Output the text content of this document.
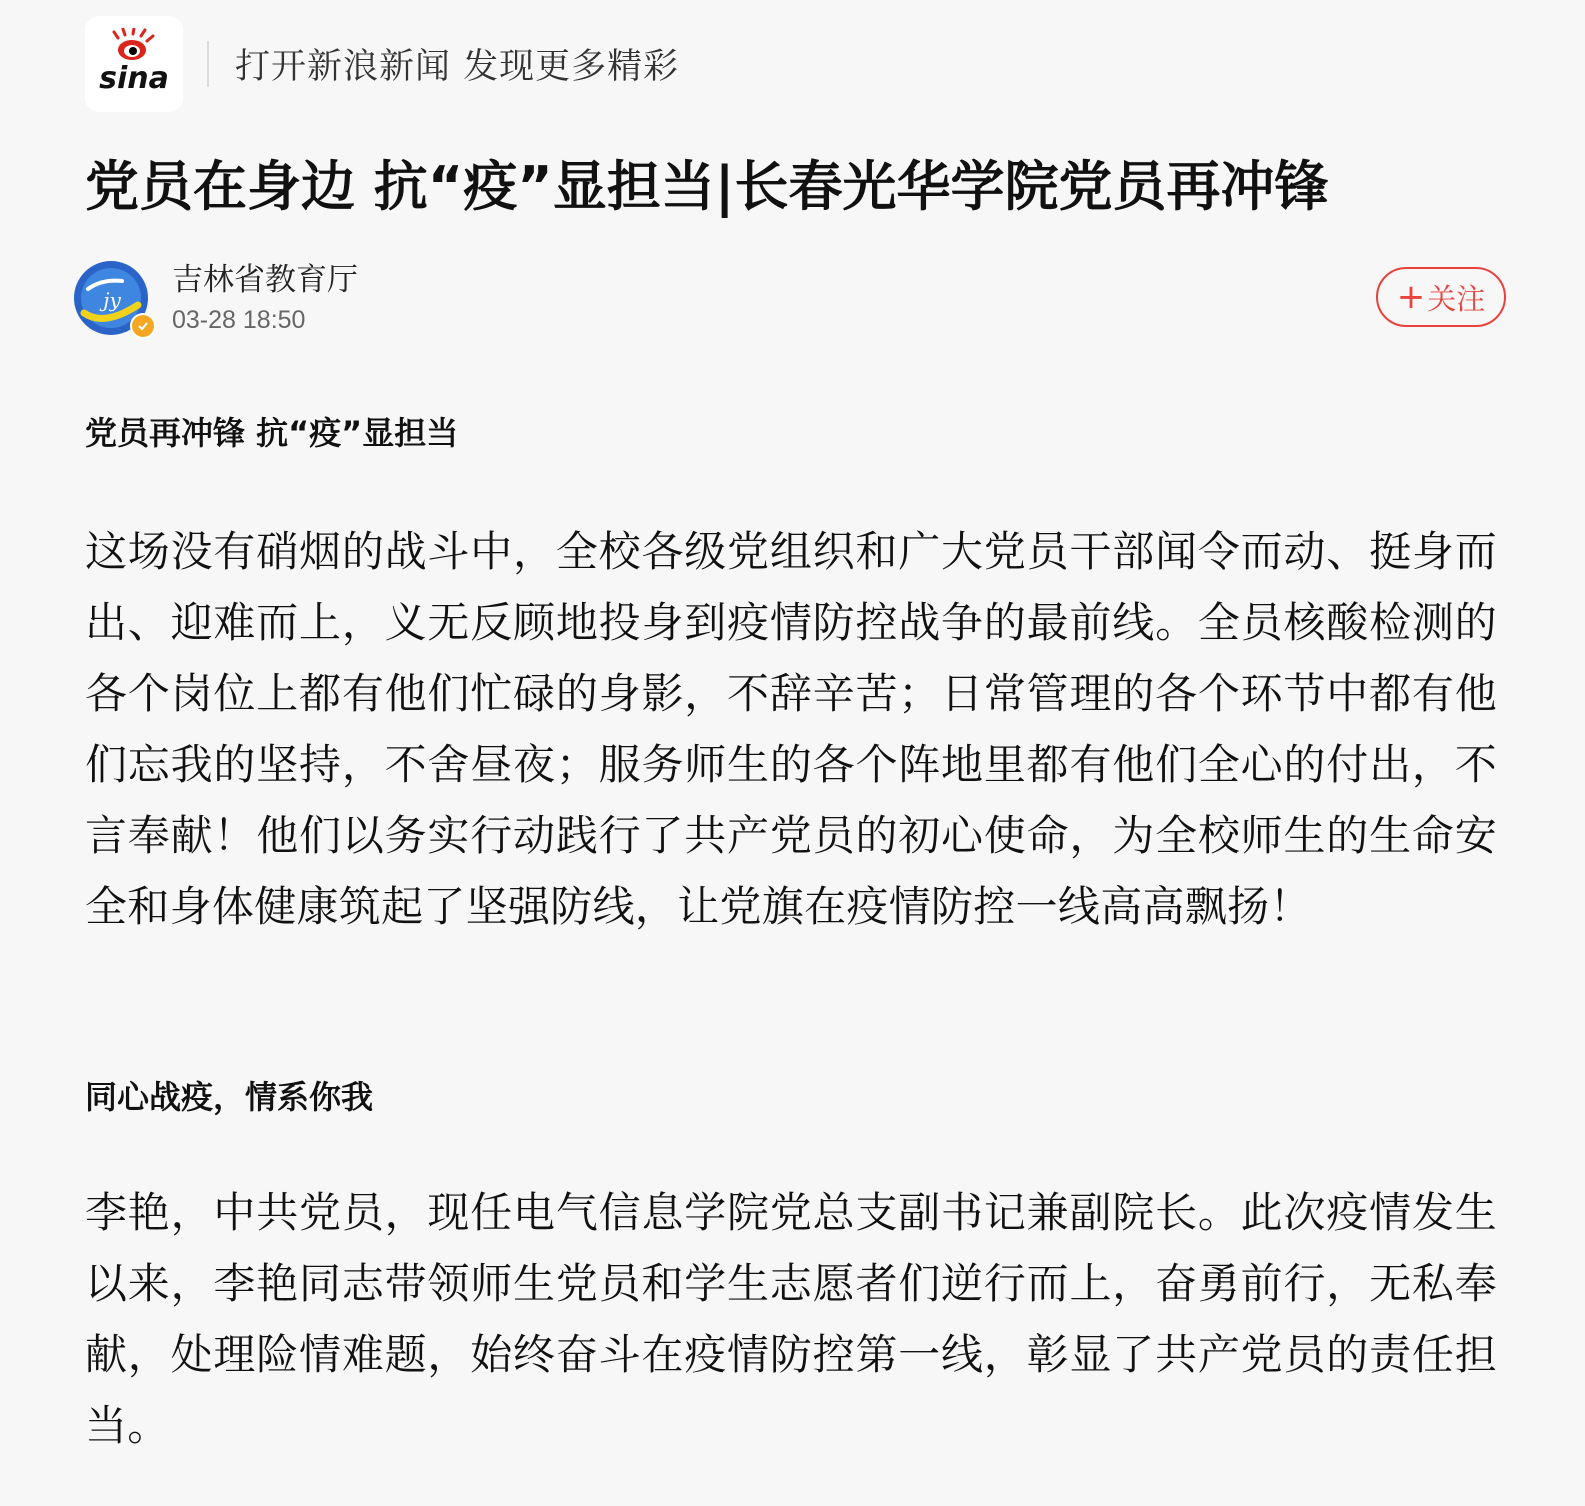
sina 打开新浪新闻 发现更多精彩
党员在身边 抗“疫”显担当|长春光华学院党员再冲锋
jy
吉林省教育厅
03-28 18:50
+ 关注

党员再冲锋 抗“疫”显担当

这场没有硝烟的战斗中，全校各级党组织和广大党员干部闻令而动、挺身而出、迎难而上，义无反顾地投身到疫情防控战争的最前线。全员核酸检测的各个岗位上都有他们忙碌的身影，不辞辛苦；日常管理的各个环节中都有他们忘我的坚持，不舍昼夜；服务师生的各个阵地里都有他们全心的付出，不言奉献！他们以务实行动践行了共产党员的初心使命，为全校师生的生命安全和身体健康筑起了坚强防线，让党旗在疫情防控一线高高飘扬！

同心战疫，情系你我

李艳，中共党员，现任电气信息学院党总支副书记兼副院长。此次疫情发生以来，李艳同志带领师生党员和学生志愿者们逆行而上，奋勇前行，无私奉献，处理险情难题，始终奋斗在疫情防控第一线，彰显了共产党员的责任担当。
